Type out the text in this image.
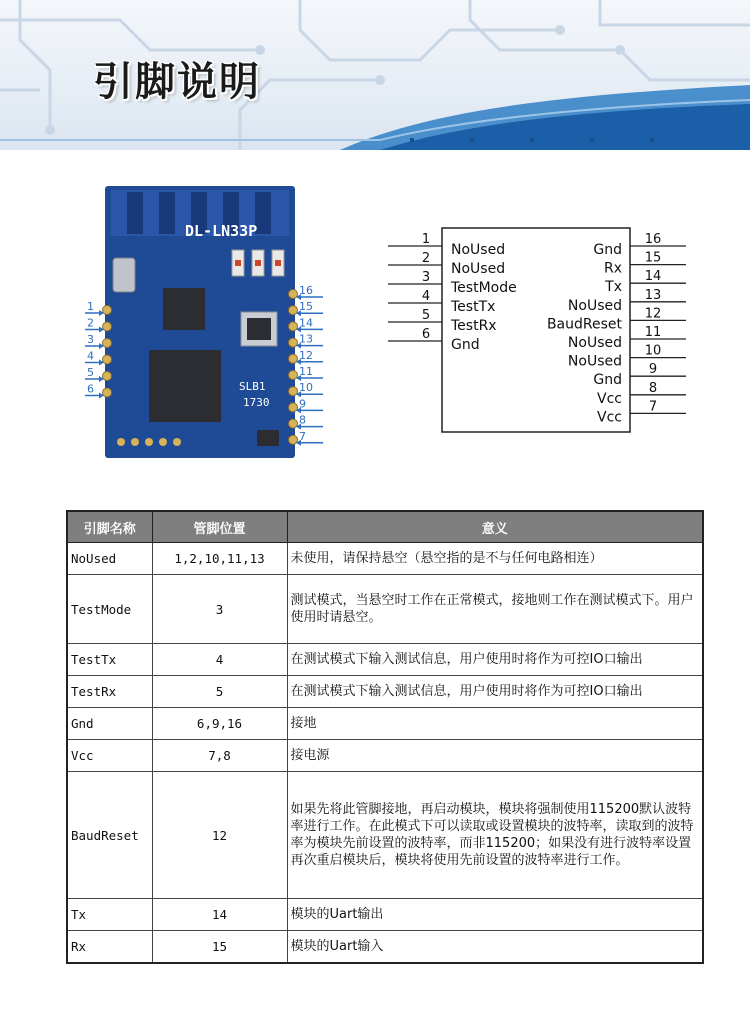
引脚说明
DL-LN33P
SLB1
1730
1
2
3
4
5
6
16
15
14
13
12
11
10
9
8
7
1
NoUsed
2
NoUsed
3
TestMode
4
TestTx
5
TestRx
6
Gnd
16
Gnd
15
Rx
14
Tx
13
NoUsed
12
BaudReset
11
NoUsed
10
NoUsed
9
Gnd
8
Vcc
7
Vcc
引脚名称	管脚位置	意义
NoUsed	1,2,10,11,13	未使用，请保持悬空（悬空指的是不与任何电路相连）
TestMode	3	测试模式，当悬空时工作在正常模式，接地则工作在测试模式下。用户使用时请悬空。
TestTx	4	在测试模式下输入测试信息，用户使用时将作为可控IO口输出
TestRx	5	在测试模式下输入测试信息，用户使用时将作为可控IO口输出
Gnd	6,9,16	接地
Vcc	7,8	接电源
BaudReset	12	如果先将此管脚接地，再启动模块，模块将强制使用115200默认波特率进行工作。在此模式下可以读取或设置模块的波特率，读取到的波特率为模块先前设置的波特率，而非115200；如果没有进行波特率设置再次重启模块后，模块将使用先前设置的波特率进行工作。
Tx	14	模块的Uart输出
Rx	15	模块的Uart输入
